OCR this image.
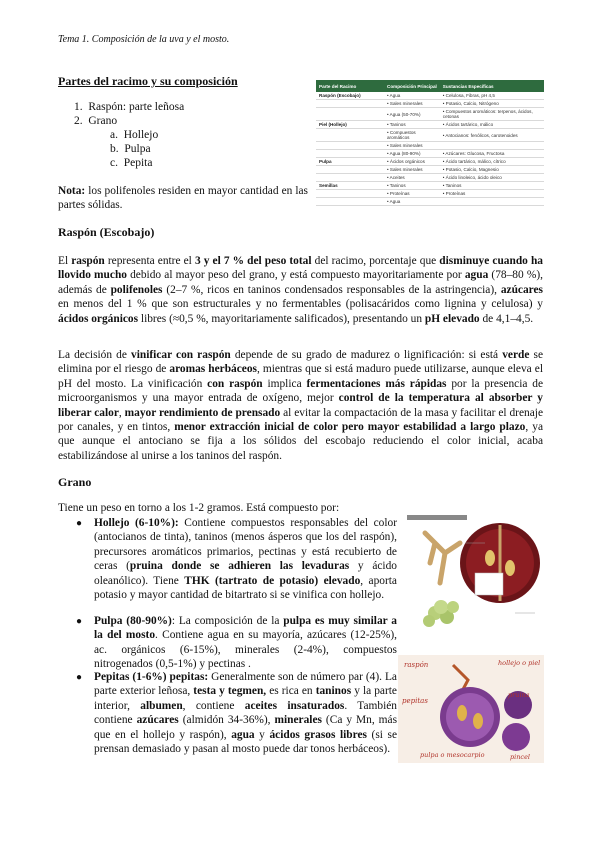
Tema 1. Composición de la uva y el mosto.
Partes del racimo y su composición
1. Raspón: parte leñosa
2. Grano
a. Hollejo
b. Pulpa
c. Pepita
Nota: los polifenoles residen en mayor cantidad en las partes sólidas.
Parte del Racimo	Composición Principal	Sustancias Específicas
Raspón (Escobajo)	• Agua	• Celulosa, Fibras, pH 4,5
	• Sales minerales	• Potasio, Calcio, Nitrógeno
	• Agua (50-70%)	• Compuestos aromáticos: terpenos, ácidos, cetonas
Piel (Hollejo)	• Taninos	• Ácidos tartárico, málico
	• Compuestos aromáticos	• Antocianos: fenólicos, carotenoides
	• Sales minerales	
	• Agua (80-90%)	• Azúcares: Glucosa, Fructosa
Pulpa	• Ácidos orgánicos	• Ácido tartárico, málico, cítrico
	• Sales minerales	• Potasio, Calcio, Magnesio
	• Aceites	• Ácido linoleico, ácido oleico
Semillas	• Taninos	• Taninos
	• Proteínas	• Proteínas
	• Agua	
Raspón (Escobajo)
El raspón representa entre el 3 y el 7 % del peso total del racimo, porcentaje que disminuye cuando ha llovido mucho debido al mayor peso del grano, y está compuesto mayoritariamente por agua (78–80 %), además de polifenoles (2–7 %, ricos en taninos condensados responsables de la astringencia), azúcares en menos del 1 % que son estructurales y no fermentables (polisacáridos como lignina y celulosa) y ácidos orgánicos libres (≈0,5 %, mayoritariamente salificados), presentando un pH elevado de 4,1–4,5.
La decisión de vinificar con raspón depende de su grado de madurez o lignificación: si está verde se elimina por el riesgo de aromas herbáceos, mientras que si está maduro puede utilizarse, aunque eleva el pH del mosto. La vinificación con raspón implica fermentaciones más rápidas por la presencia de microorganismos y una mayor entrada de oxígeno, mejor control de la temperatura al absorber y liberar calor, mayor rendimiento de prensado al evitar la compactación de la masa y facilitar el drenaje por canales, y en tintos, menor extracción inicial de color pero mayor estabilidad a largo plazo, ya que aunque el antociano se fija a los sólidos del escobajo reduciendo el color inicial, acaba estabilizándose al unirse a los taninos del raspón.
Grano
Tiene un peso en torno a los 1-2 gramos. Está compuesto por:
● Hollejo (6-10%): Contiene compuestos responsables del color (antocianos de tinta), taninos (menos ásperos que los del raspón), precursores aromáticos primarios, pectinas y está recubierto de ceras (pruina donde se adhieren las levaduras y ácido oleanólico). Tiene THK (tartrato de potasio) elevado, aporta potasio y mayor cantidad de bitartrato si se vinifica con hollejo.
● Pulpa (80-90%): La composición de la pulpa es muy similar a la del mosto. Contiene agua en su mayoría, azúcares (12-25%), ac. orgánicos (6-15%), minerales (2-4%), compuestos nitrogenados (0,5-1%) y pectinas .
● Pepitas (1-6%) pepitas: Generalmente son de número par (4). La parte exterior leñosa, testa y tegmen, es rica en taninos y la parte interior, albumen, contiene aceites insaturados. También contiene azúcares (almidón 34-36%), minerales (Ca y Mn, más que en el hollejo y raspón), agua y ácidos grasos libres (si se prensan demasiado y pasan al mosto puede dar tonos herbáceos).
raspón	hollejo o piel
pepitas
pulpa o mesocarpio
pruina
pincel
